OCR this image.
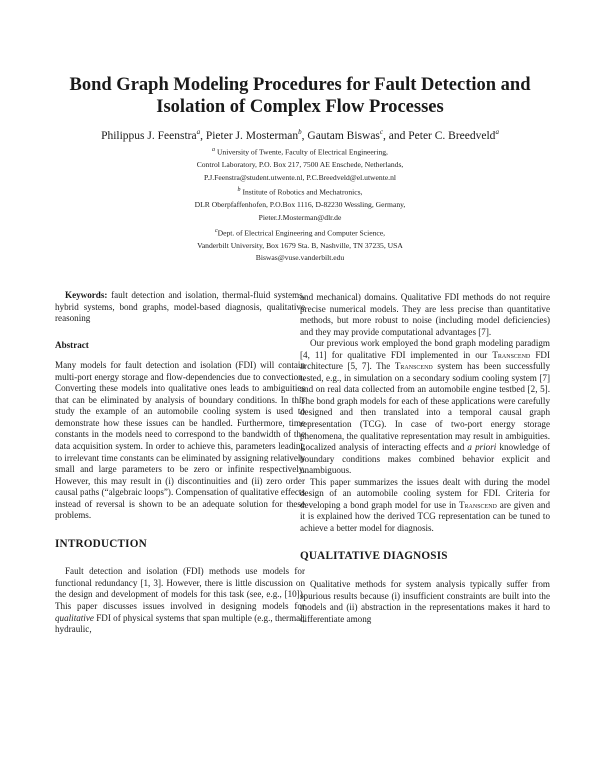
Bond Graph Modeling Procedures for Fault Detection and
Isolation of Complex Flow Processes
Philippus J. Feenstra$^a$, Pieter J. Mosterman$^b$, Gautam Biswas$^c$, and Peter C. Breedveld$^a$
$^a$ University of Twente, Faculty of Electrical Engineering,
Control Laboratory, P.O. Box 217, 7500 AE Enschede, Netherlands,
P.J.Feenstra@student.utwente.nl, P.C.Breedveld@el.utwente.nl
$^b$ Institute of Robotics and Mechatronics,
DLR Oberpfaffenhofen, P.O.Box 1116, D-82230 Wessling, Germany,
Pieter.J.Mosterman@dlr.de
$^c$Dept. of Electrical Engineering and Computer Science,
Vanderbilt University, Box 1679 Sta. B, Nashville, TN 37235, USA
Biswas@vuse.vanderbilt.edu

Keywords: fault detection and isolation, thermal-fluid systems, hybrid systems, bond graphs, model-based diagnosis, qualitative reasoning

Abstract

Many models for fault detection and isolation (FDI) will contain multi-port energy storage and flow-dependencies due to convection. Converting these models into qualitative ones leads to ambiguities that can be eliminated by analysis of boundary conditions. In this study the example of an automobile cooling system is used to demonstrate how these issues can be handled. Furthermore, time constants in the models need to correspond to the bandwidth of the data acquisition system. In order to achieve this, parameters leading to irrelevant time constants can be eliminated by assigning relatively small and large parameters to be zero or infinite respectively. However, this may result in (i) discontinuities and (ii) zero order causal paths (“algebraic loops”). Compensation of qualitative effects instead of reversal is shown to be an adequate solution for these problems.

INTRODUCTION

Fault detection and isolation (FDI) methods use models for functional redundancy [1, 3]. However, there is little discussion on the design and development of models for this task (see, e.g., [10]). This paper discusses issues involved in designing models for qualitative FDI of physical systems that span multiple (e.g., thermal, hydraulic,

and mechanical) domains. Qualitative FDI methods do not require precise numerical models. They are less precise than quantitative methods, but more robust to noise (including model deficiencies) and they may provide computational advantages [7].

Our previous work employed the bond graph modeling paradigm [4, 11] for qualitative FDI implemented in our Transcend FDI architecture [5, 7]. The Transcend system has been successfully tested, e.g., in simulation on a secondary sodium cooling system [7] and on real data collected from an automobile engine testbed [2, 5]. The bond graph models for each of these applications were carefully designed and then translated into a temporal causal graph representation (TCG). In case of two-port energy storage phenomena, the qualitative representation may result in ambiguities. Localized analysis of interacting effects and a priori knowledge of boundary conditions makes combined behavior explicit and unambiguous.

This paper summarizes the issues dealt with during the model design of an automobile cooling system for FDI. Criteria for developing a bond graph model for use in Transcend are given and it is explained how the derived TCG representation can be tuned to achieve a better model for diagnosis.

QUALITATIVE DIAGNOSIS

Qualitative methods for system analysis typically suffer from spurious results because (i) insufficient constraints are built into the models and (ii) abstraction in the representations makes it hard to differentiate among
